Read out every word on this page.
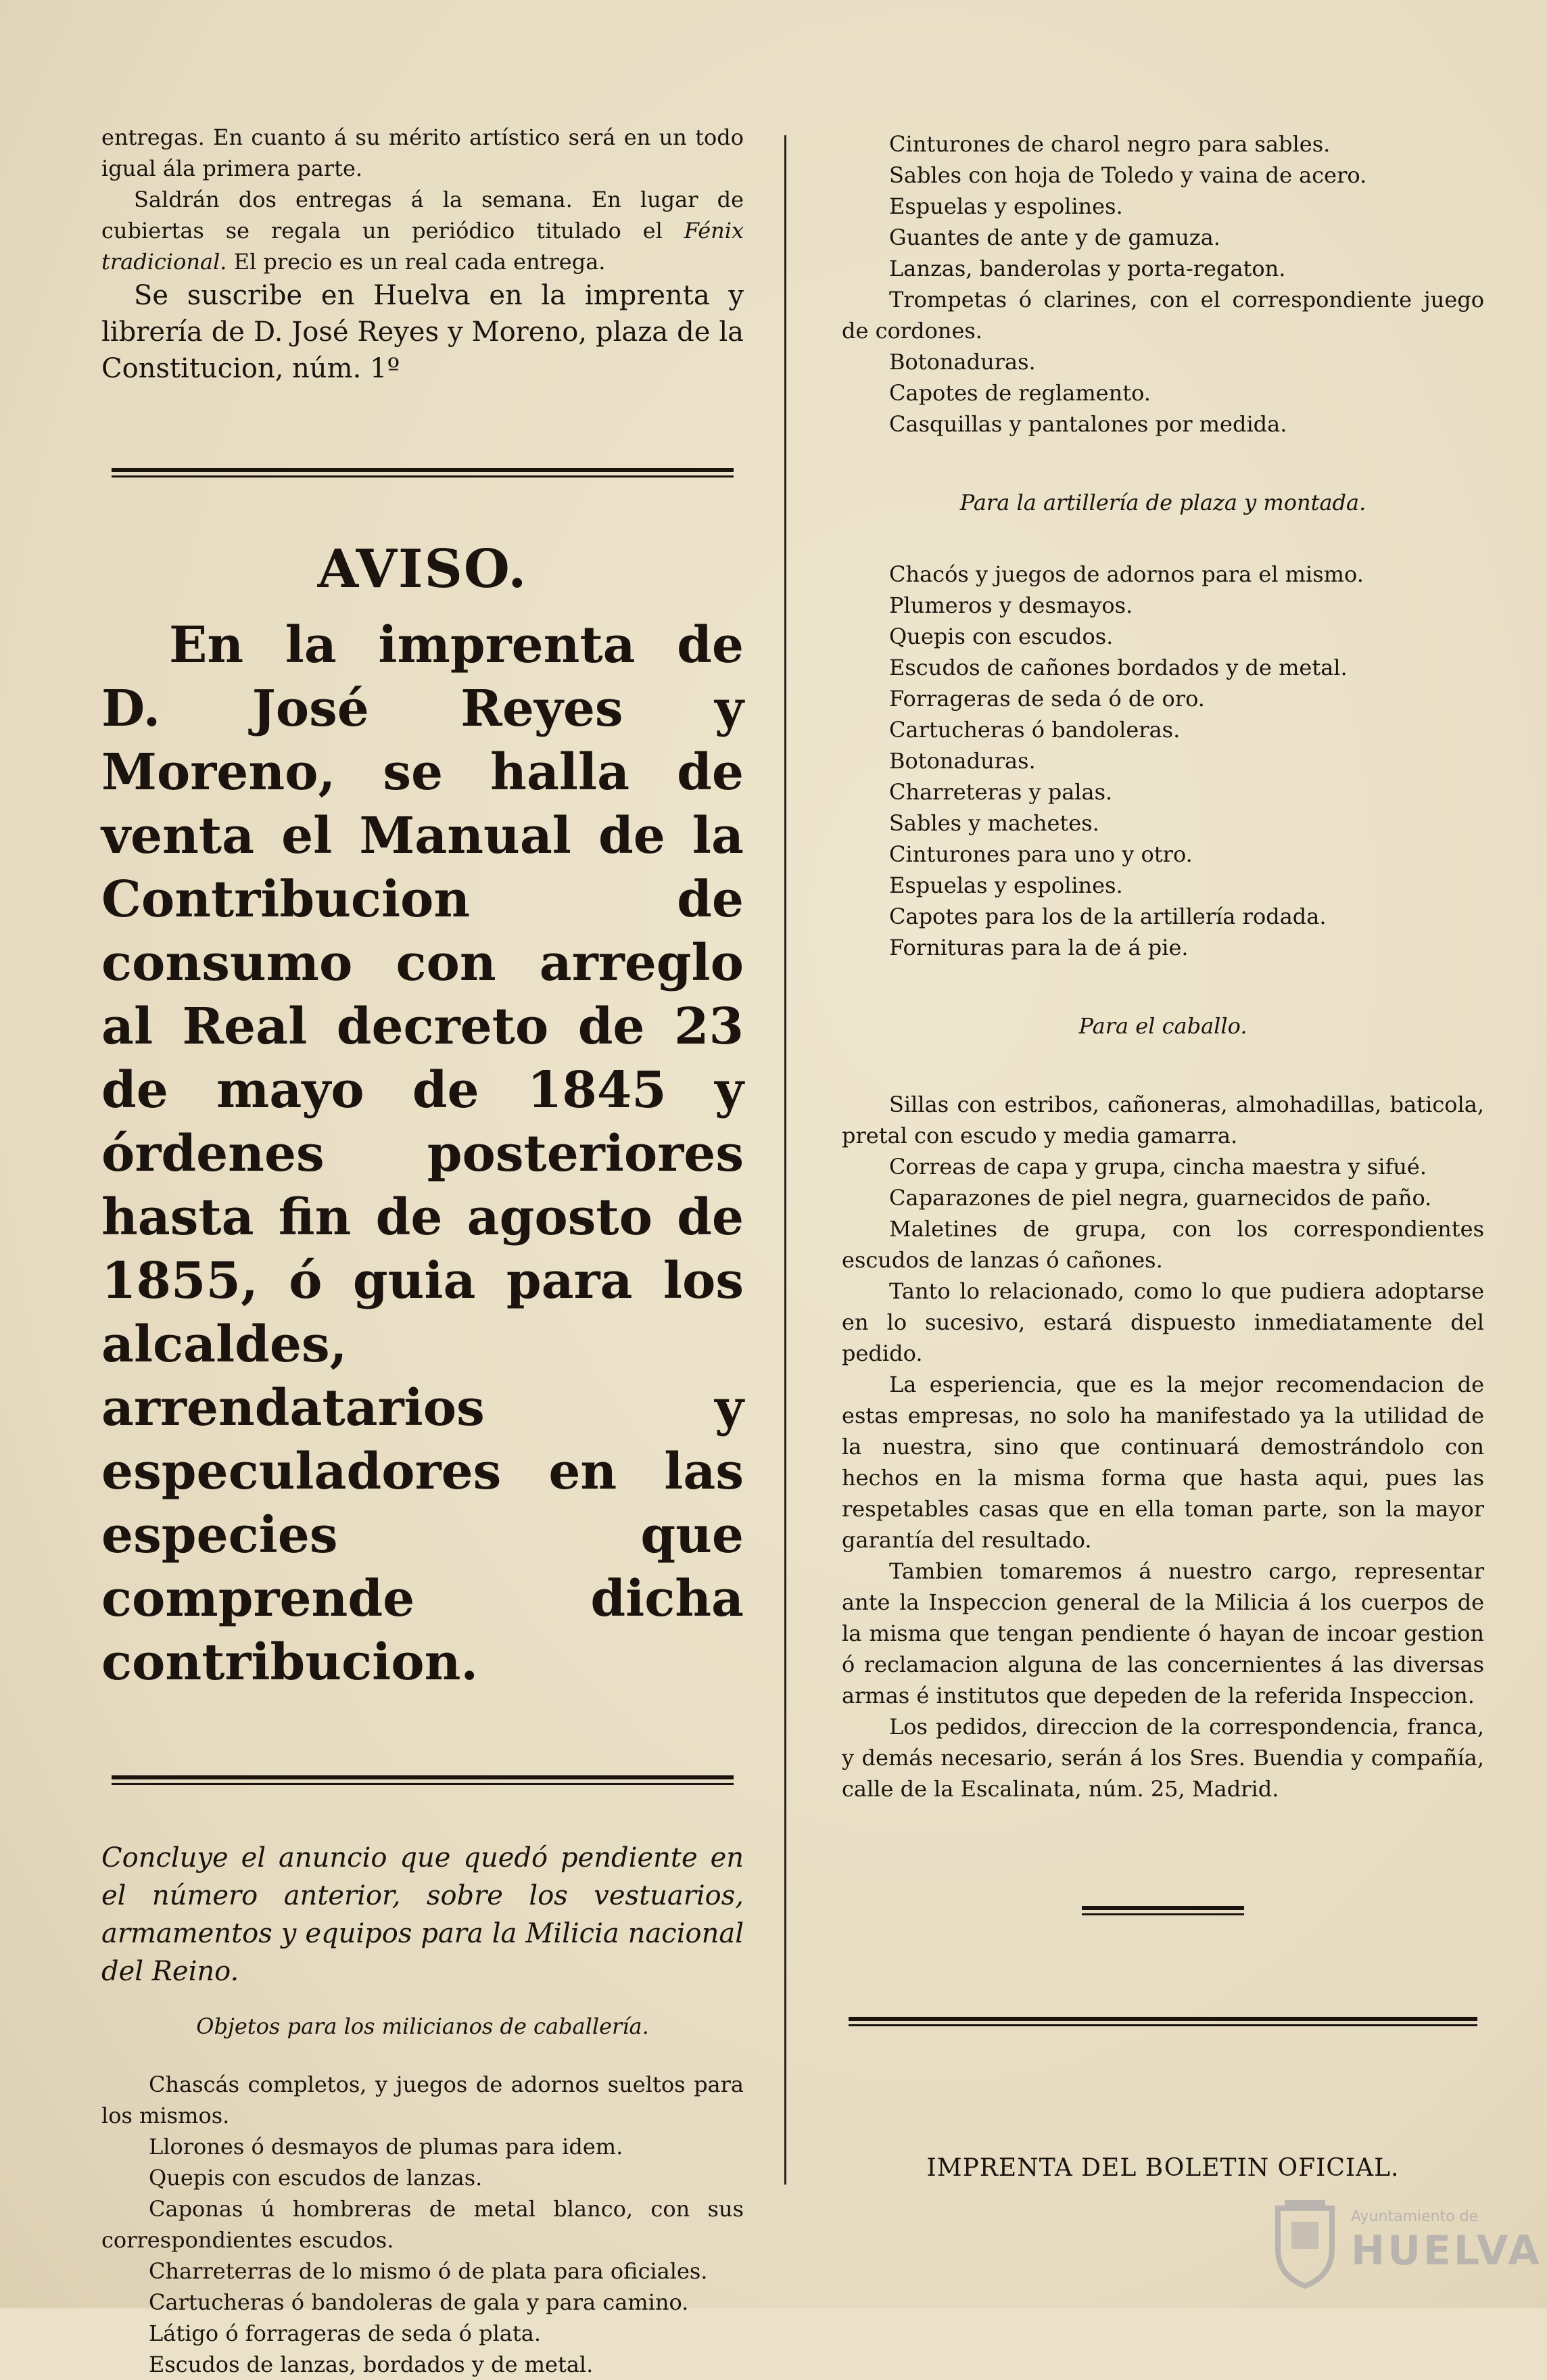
entregas. En cuanto á su mérito artístico será en un todo igual ála primera parte.

Saldrán dos entregas á la semana. En lugar de cubiertas se regala un periódico titulado el Fénix tradicional. El precio es un real cada entrega.

Se suscribe en Huelva en la imprenta y librería de D. José Reyes y Moreno, plaza de la Constitucion, núm. 1º

AVISO.

En la imprenta de D. José Reyes y Moreno, se halla de venta el Manual de la Contribucion de consumo con arreglo al Real decreto de 23 de mayo de 1845 y órdenes posteriores hasta fin de agosto de 1855, ó guia para los alcaldes, arrendatarios y especuladores en las especies que comprende dicha contribucion.

Concluye el anuncio que quedó pendiente en el número anterior, sobre los vestuarios, armamentos y equipos para la Milicia nacional del Reino.

Objetos para los milicianos de caballería.

Chascás completos, y juegos de adornos sueltos para los mismos.

Llorones ó desmayos de plumas para idem.

Quepis con escudos de lanzas.

Caponas ú hombreras de metal blanco, con sus correspondientes escudos.

Charreterras de lo mismo ó de plata para oficiales.

Cartucheras ó bandoleras de gala y para camino.

Látigo ó forrageras de seda ó plata.

Escudos de lanzas, bordados y de metal.

Cinturones de charol negro para sables.

Sables con hoja de Toledo y vaina de acero.

Espuelas y espolines.

Guantes de ante y de gamuza.

Lanzas, banderolas y porta-regaton.

Trompetas ó clarines, con el correspondiente juego de cordones.

Botonaduras.

Capotes de reglamento.

Casquillas y pantalones por medida.

Para la artillería de plaza y montada.

Chacós y juegos de adornos para el mismo.

Plumeros y desmayos.

Quepis con escudos.

Escudos de cañones bordados y de metal.

Forrageras de seda ó de oro.

Cartucheras ó bandoleras.

Botonaduras.

Charreteras y palas.

Sables y machetes.

Cinturones para uno y otro.

Espuelas y espolines.

Capotes para los de la artillería rodada.

Fornituras para la de á pie.

Para el caballo.

Sillas con estribos, cañoneras, almohadillas, baticola, pretal con escudo y media gamarra.

Correas de capa y grupa, cincha maestra y sifué.

Caparazones de piel negra, guarnecidos de paño.

Maletines de grupa, con los correspondientes escudos de lanzas ó cañones.

Tanto lo relacionado, como lo que pudiera adoptarse en lo sucesivo, estará dispuesto inmediatamente del pedido.

La esperiencia, que es la mejor recomendacion de estas empresas, no solo ha manifestado ya la utilidad de la nuestra, sino que continuará demostrándolo con hechos en la misma forma que hasta aqui, pues las respetables casas que en ella toman parte, son la mayor garantía del resultado.

Tambien tomaremos á nuestro cargo, representar ante la Inspeccion general de la Milicia á los cuerpos de la misma que tengan pendiente ó hayan de incoar gestion ó reclamacion alguna de las concernientes á las diversas armas é institutos que depeden de la referida Inspeccion.

Los pedidos, direccion de la correspondencia, franca, y demás necesario, serán á los Sres. Buendia y compañía, calle de la Escalinata, núm. 25, Madrid.

IMPRENTA DEL BOLETIN OFICIAL.

Ayuntamiento de
HUELVA
